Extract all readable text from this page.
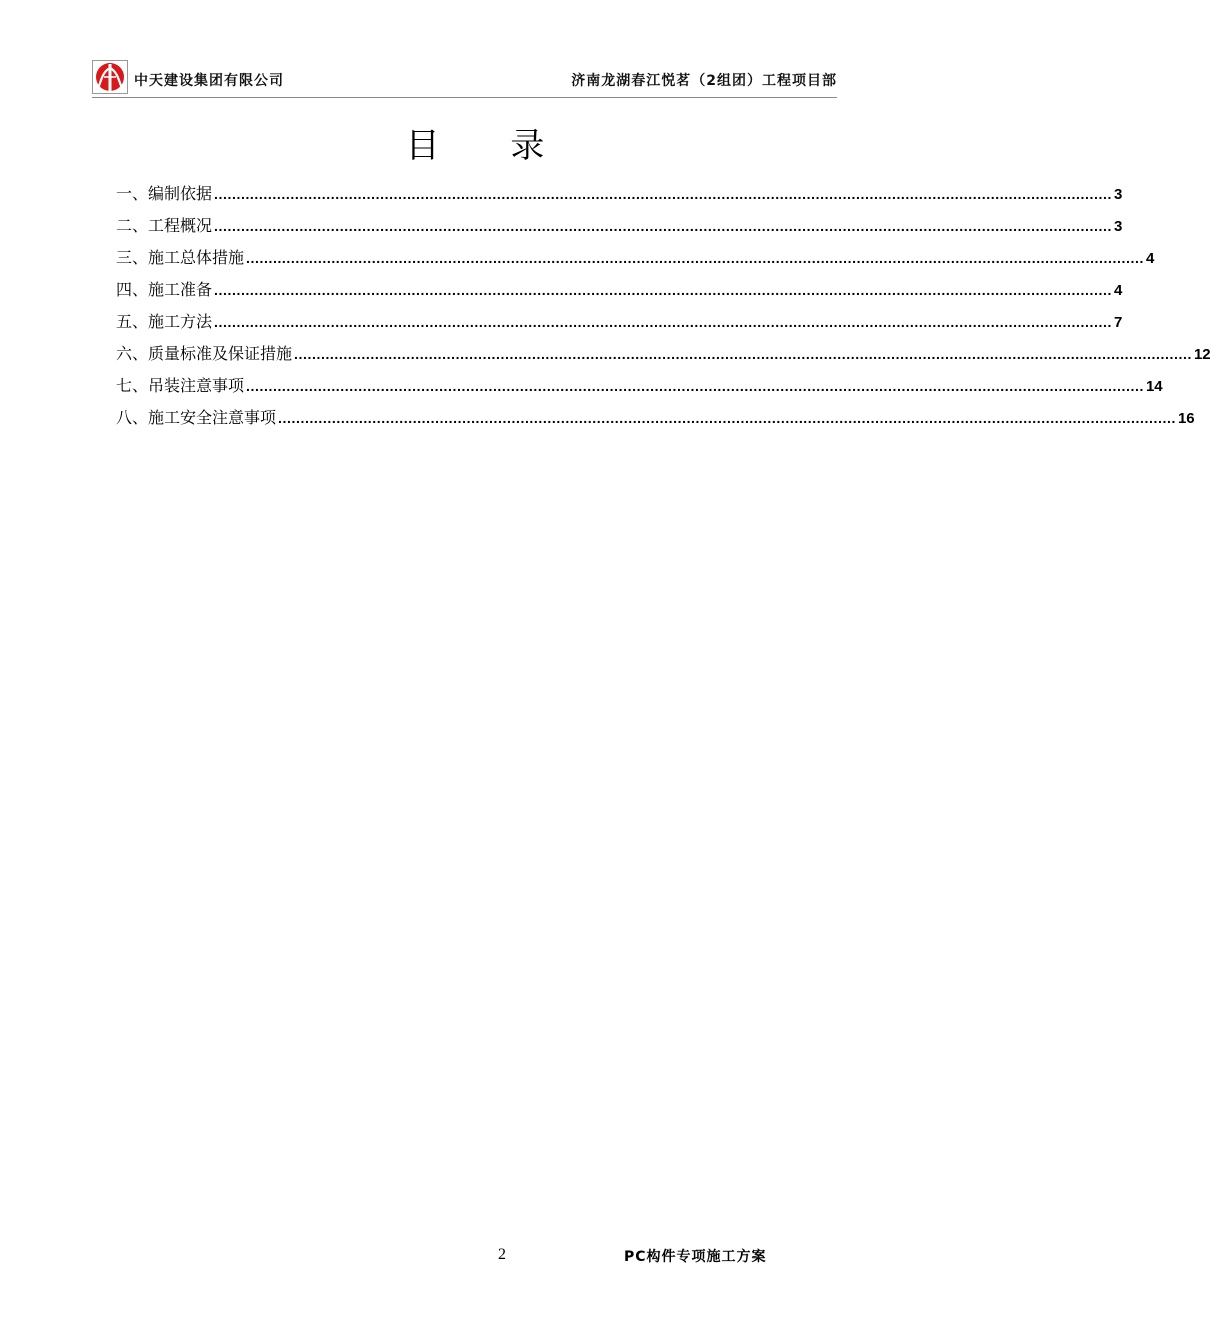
中天建设集团有限公司	济南龙湖春江悦茗（2组团）工程项目部
目 录
一、编制依据 ........................................................................................................................................................................................................ 3
二、工程概况 ........................................................................................................................................................................................................ 3
三、施工总体措施 ........................................................................................................................................................................................................ 4
四、施工准备 ........................................................................................................................................................................................................ 4
五、施工方法 ........................................................................................................................................................................................................ 7
六、质量标准及保证措施 ........................................................................................................................................................................................................ 12
七、吊装注意事项 ........................................................................................................................................................................................................ 14
八、施工安全注意事项 ........................................................................................................................................................................................................ 16
2	PC构件专项施工方案
